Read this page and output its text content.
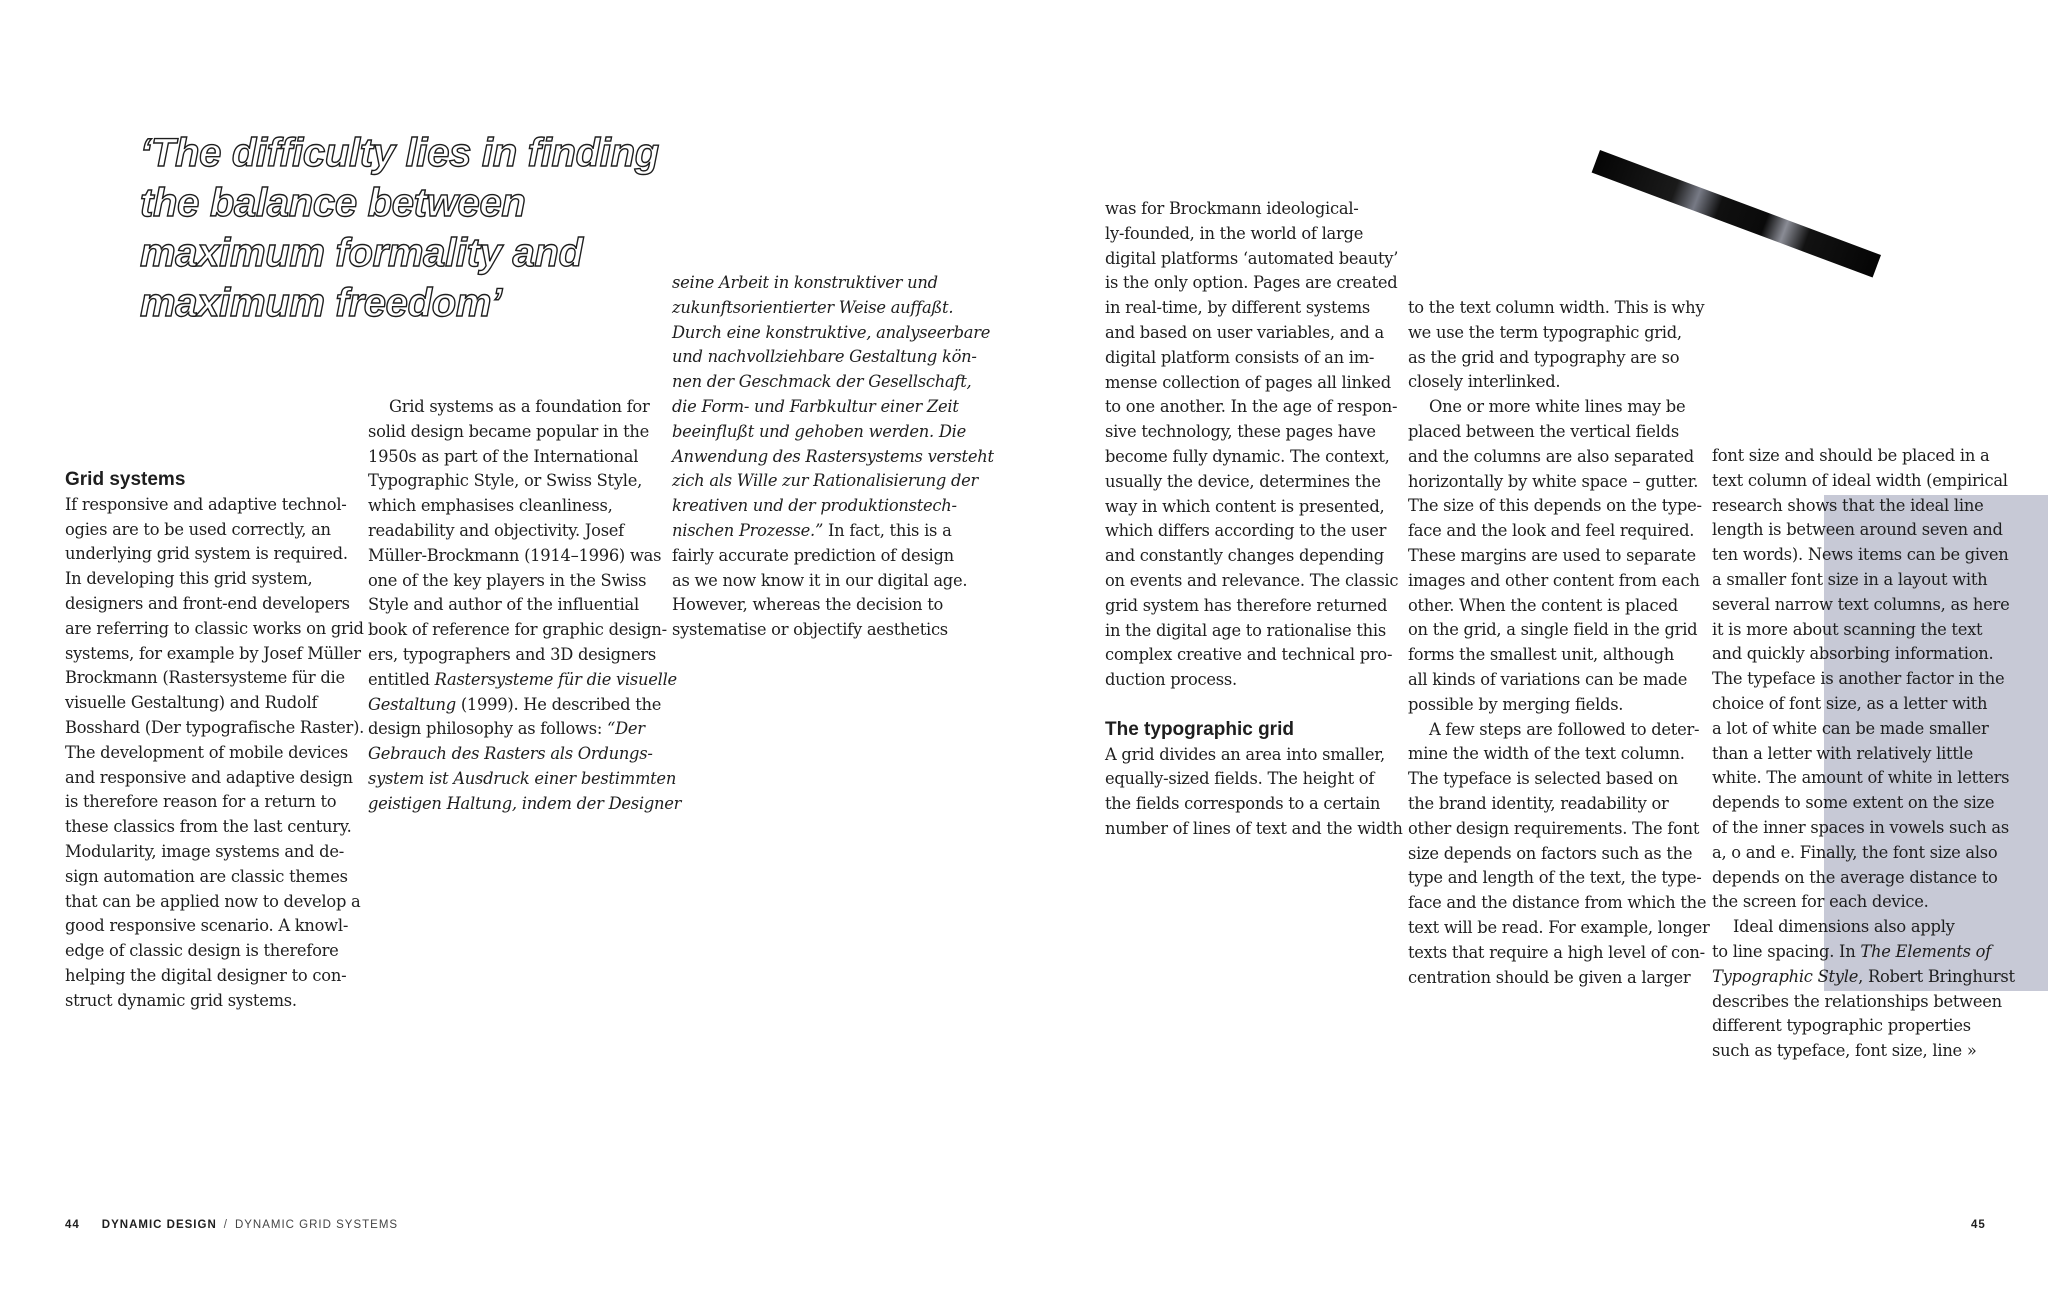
‘The difficulty lies in finding
the balance between
maximum formality and
maximum freedom’
Grid systems
If responsive and adaptive technol-
ogies are to be used correctly, an
underlying grid system is required.
In developing this grid system,
designers and front-end developers
are referring to classic works on grid
systems, for example by Josef Müller
Brockmann (Rastersysteme für die
visuelle Gestaltung) and Rudolf
Bosshard (Der typografische Raster).
The development of mobile devices
and responsive and adaptive design
is therefore reason for a return to
these classics from the last century.
Modularity, image systems and de-
sign automation are classic themes
that can be applied now to develop a
good responsive scenario. A knowl-
edge of classic design is therefore
helping the digital designer to con-
struct dynamic grid systems.
Grid systems as a foundation for
solid design became popular in the
1950s as part of the International
Typographic Style, or Swiss Style,
which emphasises cleanliness,
readability and objectivity. Josef
Müller-Brockmann (1914–1996) was
one of the key players in the Swiss
Style and author of the influential
book of reference for graphic design-
ers, typographers and 3D designers
entitled Rastersysteme für die visuelle
Gestaltung (1999). He described the
design philosophy as follows: “Der
Gebrauch des Rasters als Ordungs-
system ist Ausdruck einer bestimmten
geistigen Haltung, indem der Designer
seine Arbeit in konstruktiver und
zukunftsorientierter Weise auffaßt.
Durch eine konstruktive, analyseerbare
und nachvollziehbare Gestaltung kön-
nen der Geschmack der Gesellschaft,
die Form- und Farbkultur einer Zeit
beeinflußt und gehoben werden. Die
Anwendung des Rastersystems versteht
zich als Wille zur Rationalisierung der
kreativen und der produktionstech-
nischen Prozesse.” In fact, this is a
fairly accurate prediction of design
as we now know it in our digital age.
However, whereas the decision to
systematise or objectify aesthetics
was for Brockmann ideological-
ly-founded, in the world of large
digital platforms ‘automated beauty’
is the only option. Pages are created
in real-time, by different systems
and based on user variables, and a
digital platform consists of an im-
mense collection of pages all linked
to one another. In the age of respon-
sive technology, these pages have
become fully dynamic. The context,
usually the device, determines the
way in which content is presented,
which differs according to the user
and constantly changes depending
on events and relevance. The classic
grid system has therefore returned
in the digital age to rationalise this
complex creative and technical pro-
duction process.
The typographic grid
A grid divides an area into smaller,
equally-sized fields. The height of
the fields corresponds to a certain
number of lines of text and the width
to the text column width. This is why
we use the term typographic grid,
as the grid and typography are so
closely interlinked.
One or more white lines may be
placed between the vertical fields
and the columns are also separated
horizontally by white space – gutter.
The size of this depends on the type-
face and the look and feel required.
These margins are used to separate
images and other content from each
other. When the content is placed
on the grid, a single field in the grid
forms the smallest unit, although
all kinds of variations can be made
possible by merging fields.
A few steps are followed to deter-
mine the width of the text column.
The typeface is selected based on
the brand identity, readability or
other design requirements. The font
size depends on factors such as the
type and length of the text, the type-
face and the distance from which the
text will be read. For example, longer
texts that require a high level of con-
centration should be given a larger
font size and should be placed in a
text column of ideal width (empirical
research shows that the ideal line
length is between around seven and
ten words). News items can be given
a smaller font size in a layout with
several narrow text columns, as here
it is more about scanning the text
and quickly absorbing information.
The typeface is another factor in the
choice of font size, as a letter with
a lot of white can be made smaller
than a letter with relatively little
white. The amount of white in letters
depends to some extent on the size
of the inner spaces in vowels such as
a, o and e. Finally, the font size also
depends on the average distance to
the screen for each device.
Ideal dimensions also apply
to line spacing. In The Elements of
Typographic Style, Robert Bringhurst
describes the relationships between
different typographic properties
such as typeface, font size, line »
44 DYNAMIC DESIGN / DYNAMIC GRID SYSTEMS	45
